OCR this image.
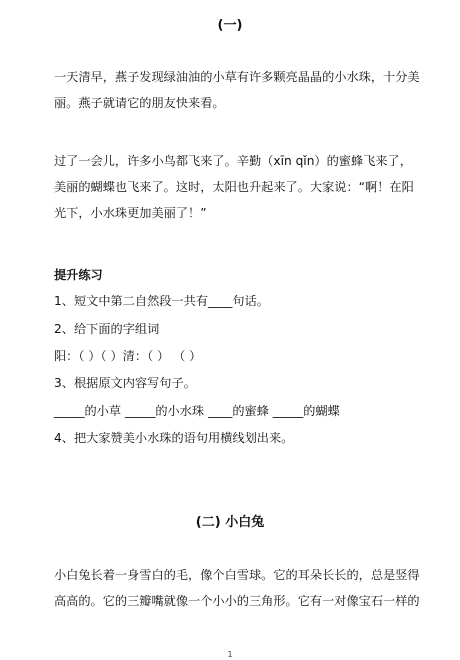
(一)
一天清早，燕子发现绿油油的小草有许多颗亮晶晶的小水珠，十分美丽。燕子就请它的朋友快来看。
过了一会儿，许多小鸟都飞来了。辛勤（xīn qǐn）的蜜蜂飞来了，美丽的蝴蝶也飞来了。这时，太阳也升起来了。大家说：“啊！在阳光下，小水珠更加美丽了！”
提升练习
1、短文中第二自然段一共有____句话。
2、给下面的字组词
阳：（ ）（ ）清：（ ） （ ）
3、根据原文内容写句子。
_____的小草 _____的小水珠 ____的蜜蜂 _____的蝴蝶
4、把大家赞美小水珠的语句用横线划出来。
(二) 小白兔
小白兔长着一身雪白的毛，像个白雪球。它的耳朵长长的，总是竖得高高的。它的三瓣嘴就像一个小小的三角形。它有一对像宝石一样的
1
